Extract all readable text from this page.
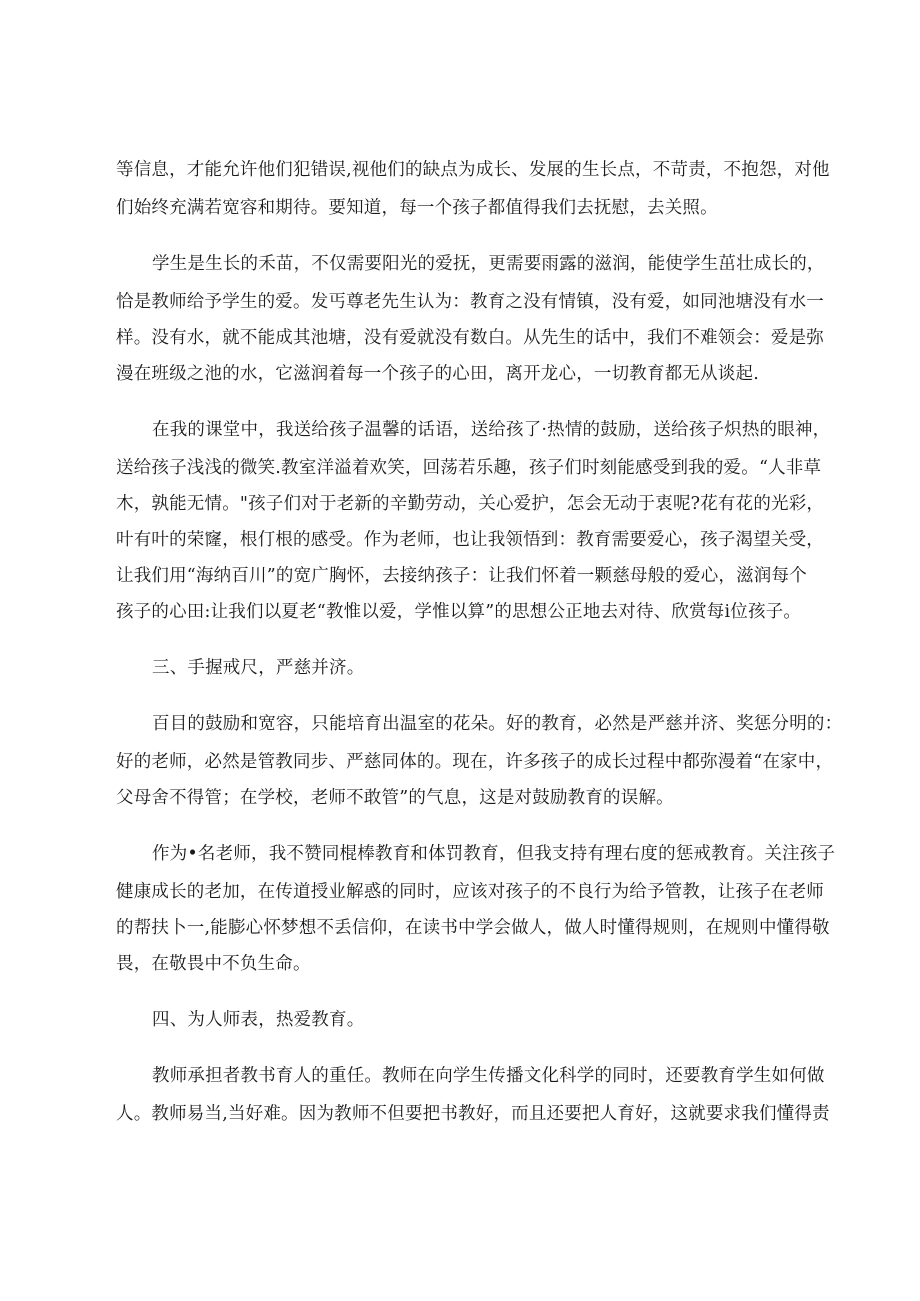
等信息，才能允许他们犯错误,视他们的缺点为成长、发展的生长点，不苛责，不抱怨，对他
们始终充满若宽容和期待。要知道，每一个孩子都值得我们去抚慰，去关照。
学生是生长的禾苗，不仅需要阳光的爱抚，更需要雨露的滋润，能使学生茁壮成长的，
恰是教师给予学生的爱。发丐尊老先生认为：教育之没有情镇，没有爱，如同池塘没有水一
样。没有水，就不能成其池塘，没有爱就没有数白。从先生的话中，我们不难领会：爱是弥
漫在班级之池的水，它滋润着每一个孩子的心田，离开龙心，一切教育都无从谈起.
在我的课堂中，我送给孩子温馨的话语，送给孩了·热情的鼓励，送给孩子炽热的眼神，
送给孩子浅浅的微笑.教室洋溢着欢笑，回荡若乐趣，孩子们时刻能感受到我的爱。“人非草
木，孰能无情。"孩子们对于老新的辛勤劳动，关心爱护，怎会无动于衷呢?花有花的光彩，
叶有叶的荣窿，根仃根的感受。作为老师，也让我领悟到：教育需要爱心，孩子渴望关受，
让我们用“海纳百川”的宽广胸怀，去接纳孩子：让我们怀着一颗慈母般的爱心，滋润每个
孩子的心田:让我们以夏老“教惟以爱，学惟以算”的思想公正地去对待、欣赏每i位孩子。
三、手握戒尺，严慈并济。
百目的鼓励和宽容，只能培育出温室的花朵。好的教育，必然是严慈并济、奖惩分明的：
好的老师，必然是管教同步、严慈同体的。现在，许多孩子的成长过程中都弥漫着“在家中，
父母舍不得管；在学校，老师不敢管”的气息，这是对鼓励教育的误解。
作为•名老师，我不赞同棍棒教育和体罚教育，但我支持有理右度的惩戒教育。关注孩子
健康成长的老加，在传道授业解惑的同时，应该对孩子的不良行为给予管教，让孩子在老师
的帮扶卜一,能膨心怀梦想不丢信仰，在读书中学会做人，做人时懂得规则，在规则中懂得敬
畏，在敬畏中不负生命。
四、为人师表，热爱教育。
教师承担者教书育人的重任。教师在向学生传播文化科学的同时，还要教育学生如何做
人。教师易当,当好难。因为教师不但要把书教好，而且还要把人育好，这就要求我们懂得责
